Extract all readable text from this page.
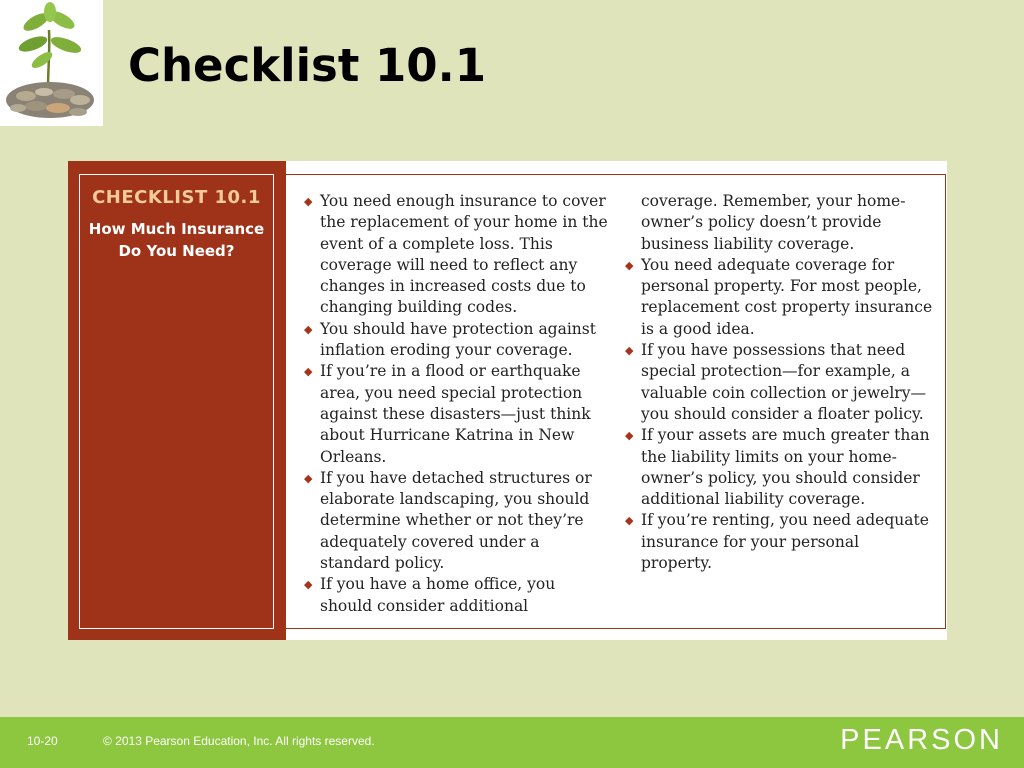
Checklist 10.1
CHECKLIST 10.1
How Much Insurance Do You Need?

◆ You need enough insurance to cover the replacement of your home in the event of a complete loss. This coverage will need to reflect any changes in increased costs due to changing building codes.

◆ You should have protection against inflation eroding your coverage.

◆ If you’re in a flood or earthquake area, you need special protection against these disasters—just think about Hurricane Katrina in New Orleans.

◆ If you have detached structures or elaborate landscaping, you should determine whether or not they’re adequately covered under a standard policy.

◆ If you have a home office, you should consider additional

coverage. Remember, your home-owner’s policy doesn’t provide business liability coverage.

◆ You need adequate coverage for personal property. For most people, replacement cost property insurance is a good idea.

◆ If you have possessions that need special protection—for example, a valuable coin collection or jewelry—you should consider a floater policy.

◆ If your assets are much greater than the liability limits on your home-owner’s policy, you should consider additional liability coverage.

◆ If you’re renting, you need adequate insurance for your personal property.

10-20	© 2013 Pearson Education, Inc. All rights reserved.	PEARSON
